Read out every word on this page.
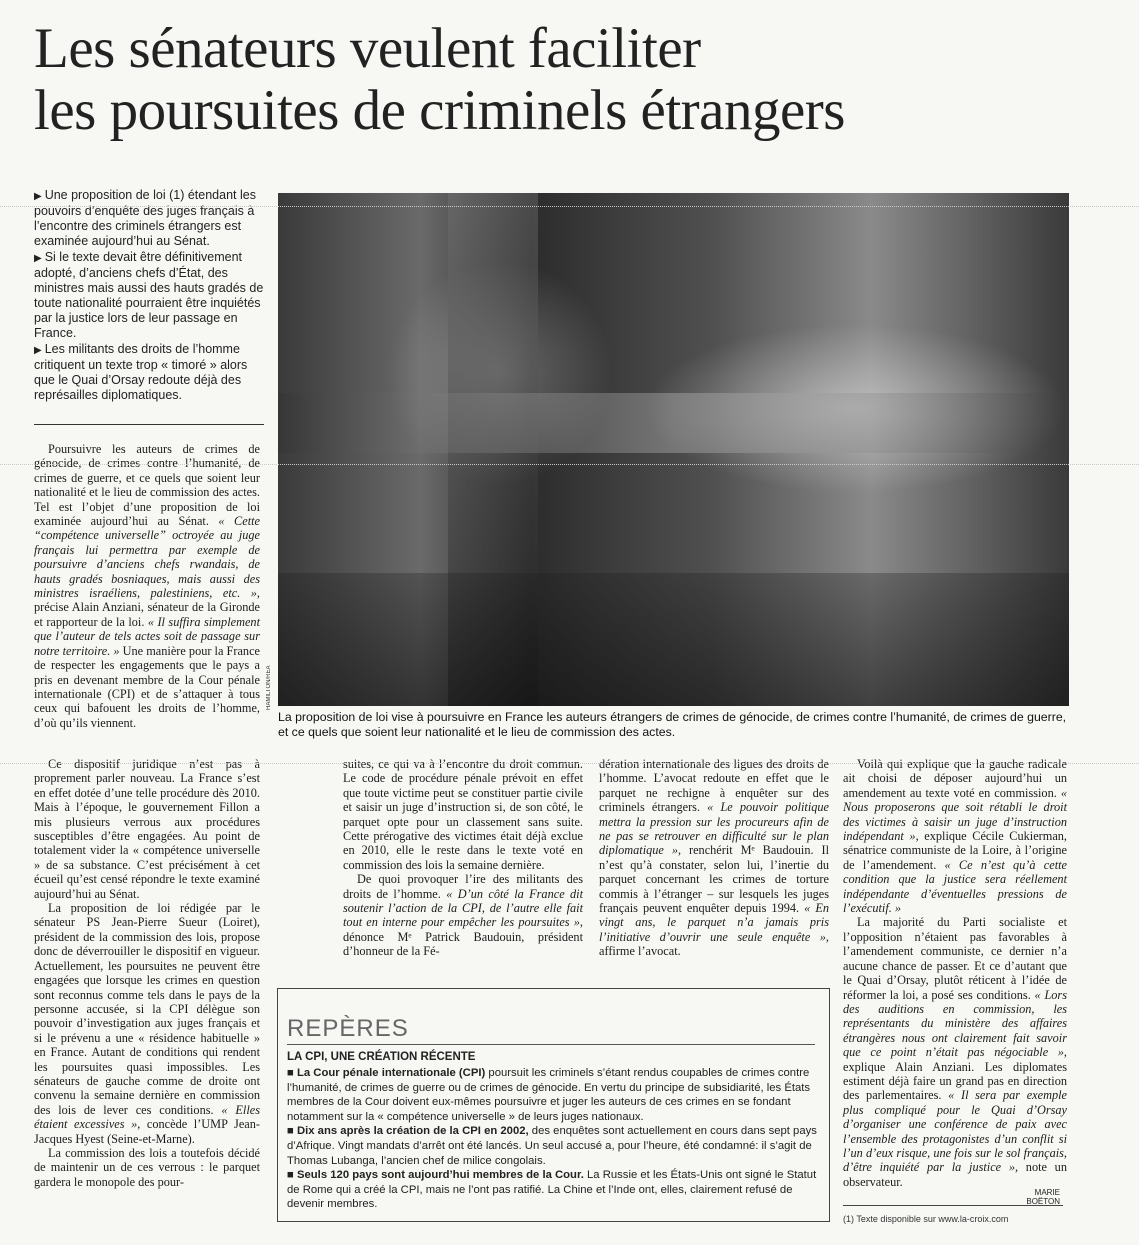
Les sénateurs veulent faciliter
les poursuites de criminels étrangers

▶ Une proposition de loi (1) étendant les pouvoirs d’enquête des juges français à l’encontre des criminels étrangers est examinée aujourd’hui au Sénat.

▶ Si le texte devait être définitivement adopté, d’anciens chefs d’État, des ministres mais aussi des hauts gradés de toute nationalité pourraient être inquiétés par la justice lors de leur passage en France.

▶ Les militants des droits de l’homme critiquent un texte trop « timoré » alors que le Quai d’Orsay redoute déjà des représailles diplomatiques.

HAMILTON/REA
La proposition de loi vise à poursuivre en France les auteurs étrangers de crimes de génocide, de crimes contre l’humanité, de crimes de guerre, et ce quels que soient leur nationalité et le lieu de commission des actes.

Poursuivre les auteurs de crimes de génocide, de crimes contre l’humanité, de crimes de guerre, et ce quels que soient leur nationalité et le lieu de commission des actes. Tel est l’objet d’une proposition de loi examinée aujourd’hui au Sénat. « Cette “compétence universelle” octroyée au juge français lui permettra par exemple de poursuivre d’anciens chefs rwandais, de hauts gradés bosniaques, mais aussi des ministres israéliens, palestiniens, etc. », précise Alain Anziani, sénateur de la Gironde et rapporteur de la loi. « Il suffira simplement que l’auteur de tels actes soit de passage sur notre territoire. » Une manière pour la France de respecter les engagements que le pays a pris en devenant membre de la Cour pénale internationale (CPI) et de s’attaquer à tous ceux qui bafouent les droits de l’homme, d’où qu’ils viennent.

Ce dispositif juridique n’est pas à proprement parler nouveau. La France s’est en effet dotée d’une telle procédure dès 2010. Mais à l’époque, le gouvernement Fillon a mis plusieurs verrous aux procédures susceptibles d’être engagées. Au point de totalement vider la « compétence universelle » de sa substance. C’est précisément à cet écueil qu’est censé répondre le texte examiné aujourd’hui au Sénat.

La proposition de loi rédigée par le sénateur PS Jean-Pierre Sueur (Loiret), président de la commission des lois, propose donc de déverrouiller le dispositif en vigueur. Actuellement, les poursuites ne peuvent être engagées que lorsque les crimes en question sont reconnus comme tels dans le pays de la personne accusée, si la CPI délègue son pouvoir d’investigation aux juges français et si le prévenu a une « résidence habituelle » en France. Autant de conditions qui rendent les poursuites quasi impossibles. Les sénateurs de gauche comme de droite ont convenu la semaine dernière en commission des lois de lever ces conditions. « Elles étaient excessives », concède l’UMP Jean-Jacques Hyest (Seine-et-Marne).

La commission des lois a toutefois décidé de maintenir un de ces verrous : le parquet gardera le monopole des pour-

suites, ce qui va à l’encontre du droit commun. Le code de procédure pénale prévoit en effet que toute victime peut se constituer partie civile et saisir un juge d’instruction si, de son côté, le parquet opte pour un classement sans suite. Cette prérogative des victimes était déjà exclue en 2010, elle le reste dans le texte voté en commission des lois la semaine dernière.

De quoi provoquer l’ire des militants des droits de l’homme. « D’un côté la France dit soutenir l’action de la CPI, de l’autre elle fait tout en interne pour empêcher les poursuites », dénonce Mᵉ Patrick Baudouin, président d’honneur de la Fé-

dération internationale des ligues des droits de l’homme. L’avocat redoute en effet que le parquet ne rechigne à enquêter sur des criminels étrangers. « Le pouvoir politique mettra la pression sur les procureurs afin de ne pas se retrouver en difficulté sur le plan diplomatique », renchérit Mᵉ Baudouin. Il n’est qu’à constater, selon lui, l’inertie du parquet concernant les crimes de torture commis à l’étranger – sur lesquels les juges français peuvent enquêter depuis 1994. « En vingt ans, le parquet n’a jamais pris l’initiative d’ouvrir une seule enquête », affirme l’avocat.

Voilà qui explique que la gauche radicale ait choisi de déposer aujourd’hui un amendement au texte voté en commission. « Nous proposerons que soit rétabli le droit des victimes à saisir un juge d’instruction indépendant », explique Cécile Cukierman, sénatrice communiste de la Loire, à l’origine de l’amendement. « Ce n’est qu’à cette condition que la justice sera réellement indépendante d’éventuelles pressions de l’exécutif. »

La majorité du Parti socialiste et l’opposition n’étaient pas favorables à l’amendement communiste, ce dernier n’a aucune chance de passer. Et ce d’autant que le Quai d’Orsay, plutôt réticent à l’idée de réformer la loi, a posé ses conditions. « Lors des auditions en commission, les représentants du ministère des affaires étrangères nous ont clairement fait savoir que ce point n’était pas négociable », explique Alain Anziani. Les diplomates estiment déjà faire un grand pas en direction des parlementaires. « Il sera par exemple plus compliqué pour le Quai d’Orsay d’organiser une conférence de paix avec l’ensemble des protagonistes d’un conflit si l’un d’eux risque, une fois sur le sol français, d’être inquiété par la justice », note un observateur.

MARIE BOËTON
REPÈRES
LA CPI, UNE CRÉATION RÉCENTE

■ La Cour pénale internationale (CPI) poursuit les criminels s’étant rendus coupables de crimes contre l’humanité, de crimes de guerre ou de crimes de génocide. En vertu du principe de subsidiarité, les États membres de la Cour doivent eux-mêmes poursuivre et juger les auteurs de ces crimes en se fondant notamment sur la « compétence universelle » de leurs juges nationaux.

■ Dix ans après la création de la CPI en 2002, des enquêtes sont actuellement en cours dans sept pays d’Afrique. Vingt mandats d’arrêt ont été lancés. Un seul accusé a, pour l’heure, été condamné: il s’agit de Thomas Lubanga, l’ancien chef de milice congolais.

■ Seuls 120 pays sont aujourd’hui membres de la Cour. La Russie et les États-Unis ont signé le Statut de Rome qui a créé la CPI, mais ne l’ont pas ratifié. La Chine et l’Inde ont, elles, clairement refusé de devenir membres.

(1) Texte disponible sur www.la-croix.com
